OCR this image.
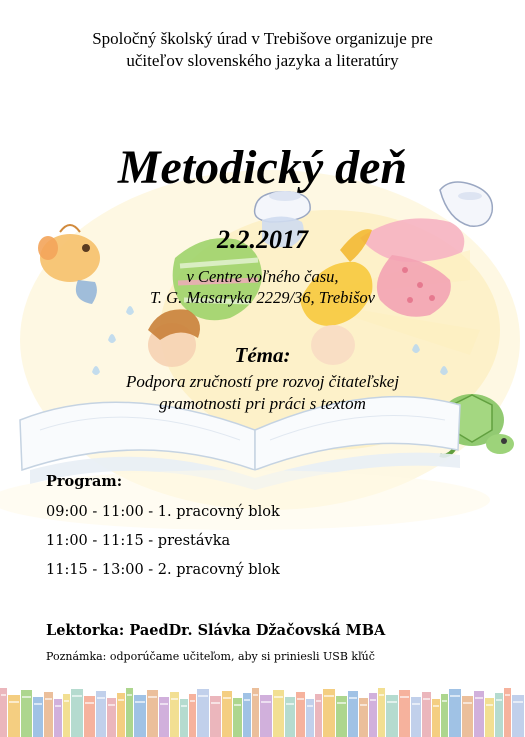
Spoločný školský úrad v Trebišove organizuje pre
učiteľov slovenského jazyka a literatúry
Metodický deň
2.2.2017
v Centre voľného času,
T. G. Masaryka 2229/36, Trebišov
Téma:
Podpora zručností pre rozvoj čitateľskej
gramotnosti pri práci s textom
Program:
09:00 - 11:00 - 1. pracovný blok
11:00 - 11:15 - prestávka
11:15 - 13:00 - 2. pracovný blok
Lektorka: PaedDr. Slávka Džačovská MBA
Poznámka: odporúčame učiteľom, aby si priniesli USB kľúč
